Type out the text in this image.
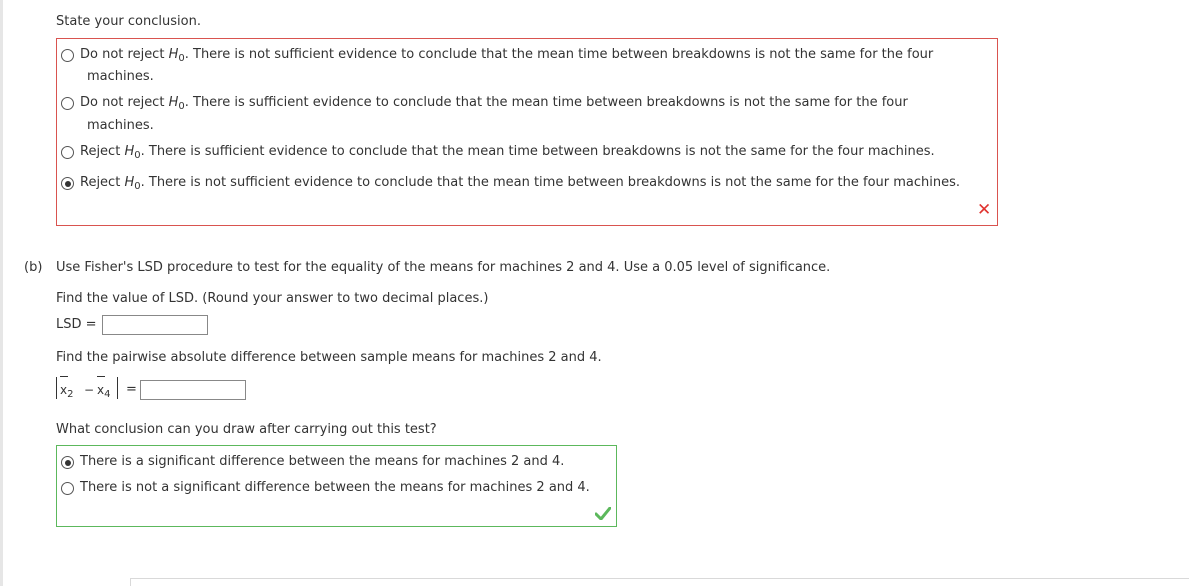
State your conclusion.
Do not reject $H_0$. There is not sufficient evidence to conclude that the mean time between breakdowns is not the same for the four
machines.
Do not reject $H_0$. There is sufficient evidence to conclude that the mean time between breakdowns is not the same for the four
machines.
Reject $H_0$. There is sufficient evidence to conclude that the mean time between breakdowns is not the same for the four machines.
Reject $H_0$. There is not sufficient evidence to conclude that the mean time between breakdowns is not the same for the four machines.
✕
(b) Use Fisher's LSD procedure to test for the equality of the means for machines 2 and 4. Use a 0.05 level of significance.
Find the value of LSD. (Round your answer to two decimal places.)
LSD =
Find the pairwise absolute difference between sample means for machines 2 and 4.
$x_2 - x_4$ =
What conclusion can you draw after carrying out this test?
There is a significant difference between the means for machines 2 and 4.
There is not a significant difference between the means for machines 2 and 4.
